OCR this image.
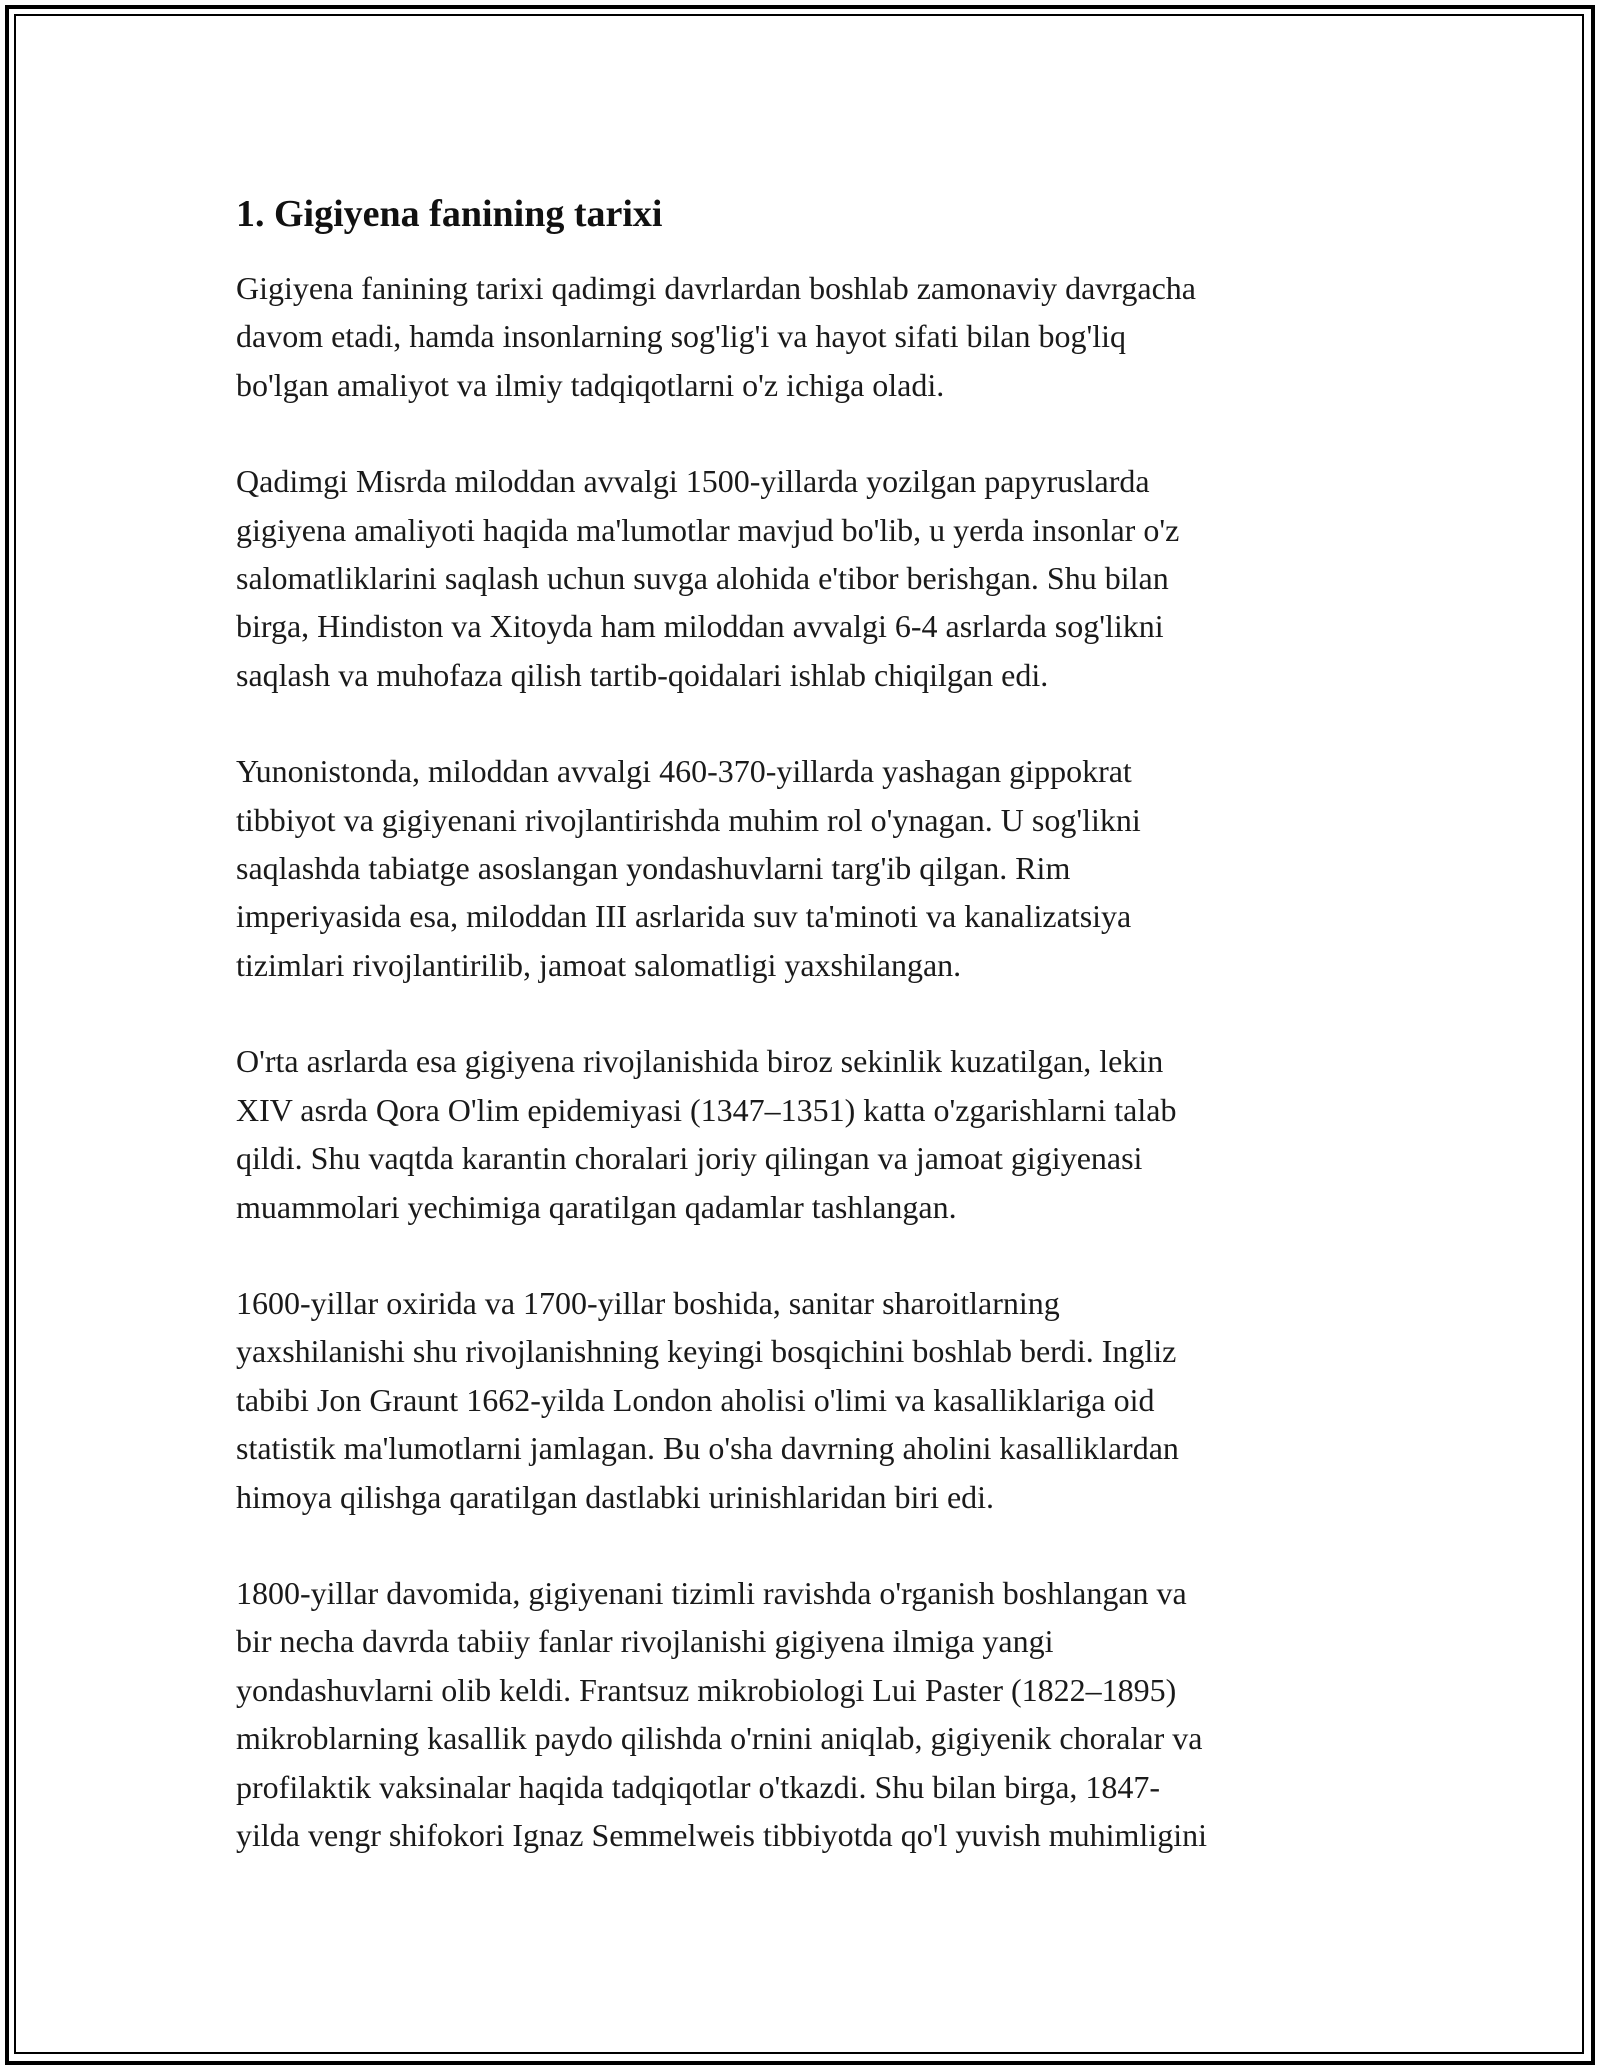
1. Gigiyena fanining tarixi

Gigiyena fanining tarixi qadimgi davrlardan boshlab zamonaviy davrgacha
davom etadi, hamda insonlarning sog'lig'i va hayot sifati bilan bog'liq
bo'lgan amaliyot va ilmiy tadqiqotlarni o'z ichiga oladi.

Qadimgi Misrda miloddan avvalgi 1500-yillarda yozilgan papyruslarda
gigiyena amaliyoti haqida ma'lumotlar mavjud bo'lib, u yerda insonlar o'z
salomatliklarini saqlash uchun suvga alohida e'tibor berishgan. Shu bilan
birga, Hindiston va Xitoyda ham miloddan avvalgi 6-4 asrlarda sog'likni
saqlash va muhofaza qilish tartib-qoidalari ishlab chiqilgan edi.

Yunonistonda, miloddan avvalgi 460-370-yillarda yashagan gippokrat
tibbiyot va gigiyenani rivojlantirishda muhim rol o'ynagan. U sog'likni
saqlashda tabiatge asoslangan yondashuvlarni targ'ib qilgan. Rim
imperiyasida esa, miloddan III asrlarida suv ta'minoti va kanalizatsiya
tizimlari rivojlantirilib, jamoat salomatligi yaxshilangan.

O'rta asrlarda esa gigiyena rivojlanishida biroz sekinlik kuzatilgan, lekin
XIV asrda Qora O'lim epidemiyasi (1347–1351) katta o'zgarishlarni talab
qildi. Shu vaqtda karantin choralari joriy qilingan va jamoat gigiyenasi
muammolari yechimiga qaratilgan qadamlar tashlangan.

1600-yillar oxirida va 1700-yillar boshida, sanitar sharoitlarning
yaxshilanishi shu rivojlanishning keyingi bosqichini boshlab berdi. Ingliz
tabibi Jon Graunt 1662-yilda London aholisi o'limi va kasalliklariga oid
statistik ma'lumotlarni jamlagan. Bu o'sha davrning aholini kasalliklardan
himoya qilishga qaratilgan dastlabki urinishlaridan biri edi.

1800-yillar davomida, gigiyenani tizimli ravishda o'rganish boshlangan va
bir necha davrda tabiiy fanlar rivojlanishi gigiyena ilmiga yangi
yondashuvlarni olib keldi. Frantsuz mikrobiologi Lui Paster (1822–1895)
mikroblarning kasallik paydo qilishda o'rnini aniqlab, gigiyenik choralar va
profilaktik vaksinalar haqida tadqiqotlar o'tkazdi. Shu bilan birga, 1847-
yilda vengr shifokori Ignaz Semmelweis tibbiyotda qo'l yuvish muhimligini
